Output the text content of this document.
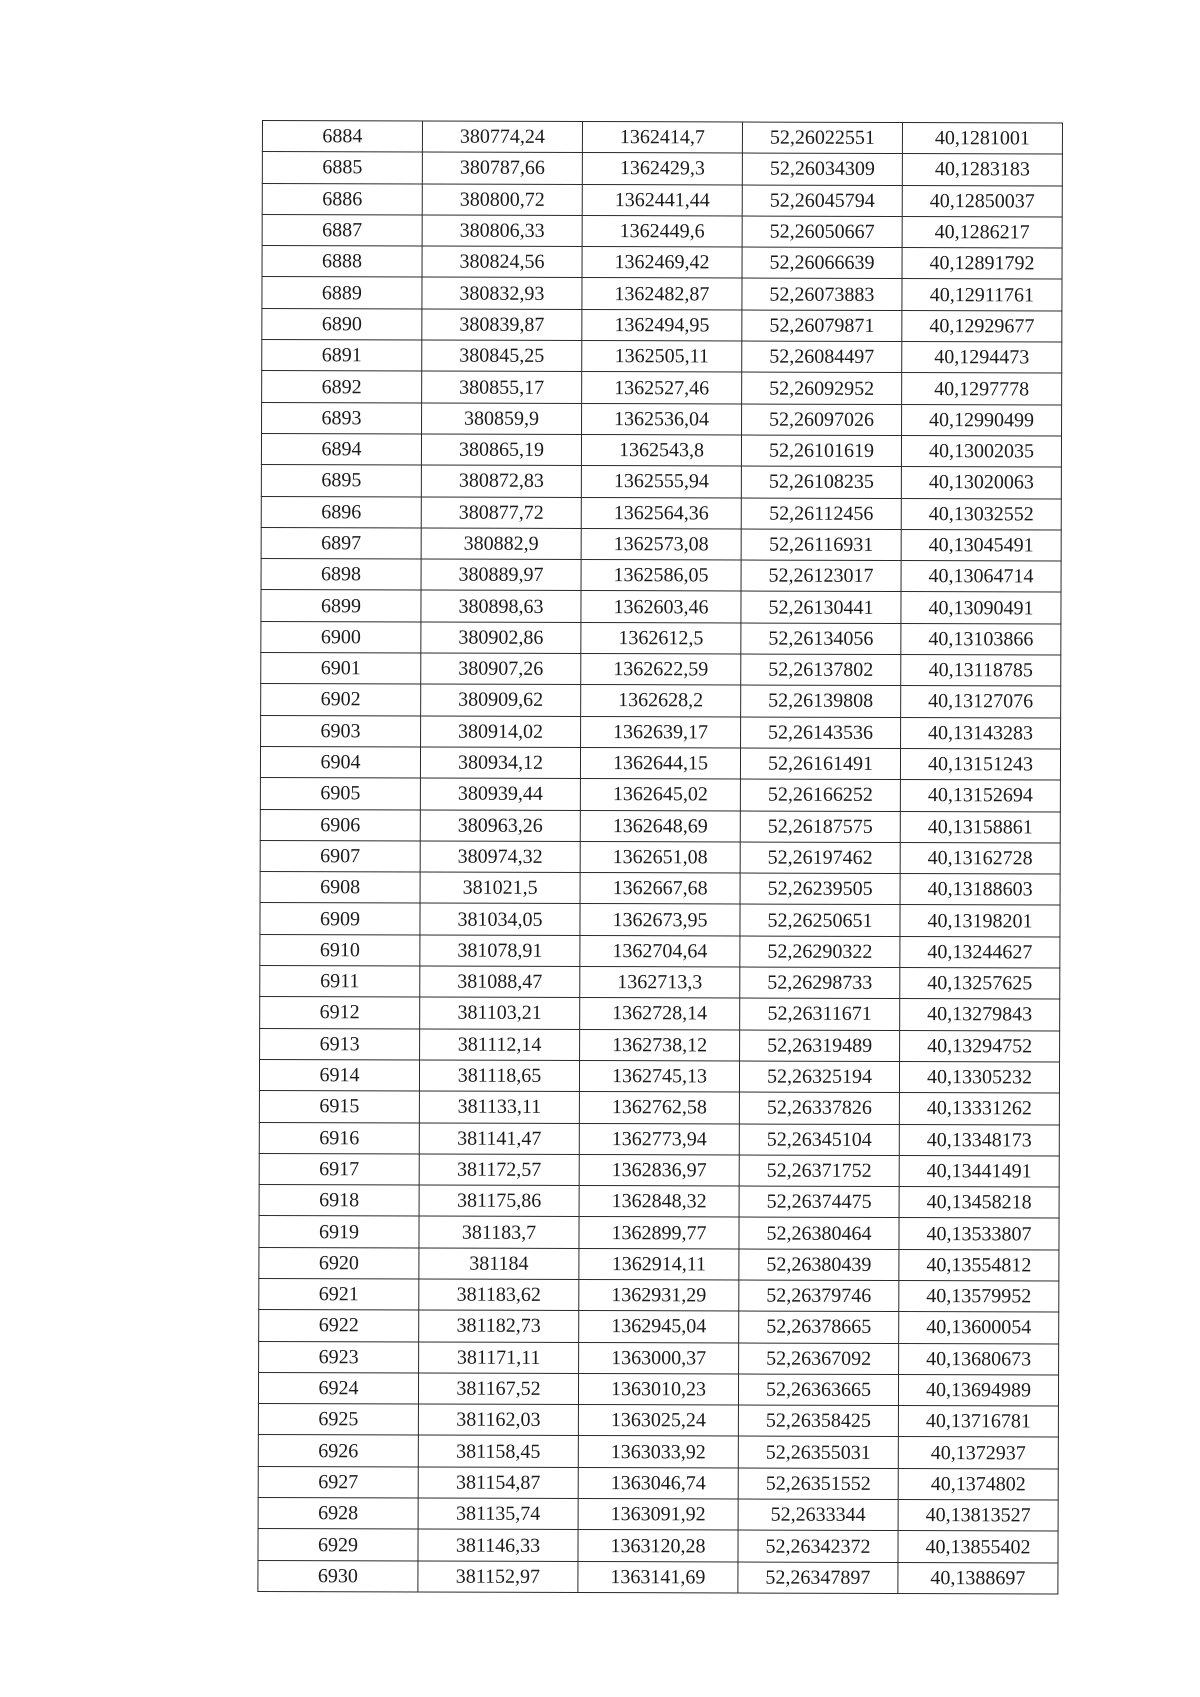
6884	380774,24	1362414,7	52,26022551	40,1281001
6885	380787,66	1362429,3	52,26034309	40,1283183
6886	380800,72	1362441,44	52,26045794	40,12850037
6887	380806,33	1362449,6	52,26050667	40,1286217
6888	380824,56	1362469,42	52,26066639	40,12891792
6889	380832,93	1362482,87	52,26073883	40,12911761
6890	380839,87	1362494,95	52,26079871	40,12929677
6891	380845,25	1362505,11	52,26084497	40,1294473
6892	380855,17	1362527,46	52,26092952	40,1297778
6893	380859,9	1362536,04	52,26097026	40,12990499
6894	380865,19	1362543,8	52,26101619	40,13002035
6895	380872,83	1362555,94	52,26108235	40,13020063
6896	380877,72	1362564,36	52,26112456	40,13032552
6897	380882,9	1362573,08	52,26116931	40,13045491
6898	380889,97	1362586,05	52,26123017	40,13064714
6899	380898,63	1362603,46	52,26130441	40,13090491
6900	380902,86	1362612,5	52,26134056	40,13103866
6901	380907,26	1362622,59	52,26137802	40,13118785
6902	380909,62	1362628,2	52,26139808	40,13127076
6903	380914,02	1362639,17	52,26143536	40,13143283
6904	380934,12	1362644,15	52,26161491	40,13151243
6905	380939,44	1362645,02	52,26166252	40,13152694
6906	380963,26	1362648,69	52,26187575	40,13158861
6907	380974,32	1362651,08	52,26197462	40,13162728
6908	381021,5	1362667,68	52,26239505	40,13188603
6909	381034,05	1362673,95	52,26250651	40,13198201
6910	381078,91	1362704,64	52,26290322	40,13244627
6911	381088,47	1362713,3	52,26298733	40,13257625
6912	381103,21	1362728,14	52,26311671	40,13279843
6913	381112,14	1362738,12	52,26319489	40,13294752
6914	381118,65	1362745,13	52,26325194	40,13305232
6915	381133,11	1362762,58	52,26337826	40,13331262
6916	381141,47	1362773,94	52,26345104	40,13348173
6917	381172,57	1362836,97	52,26371752	40,13441491
6918	381175,86	1362848,32	52,26374475	40,13458218
6919	381183,7	1362899,77	52,26380464	40,13533807
6920	381184	1362914,11	52,26380439	40,13554812
6921	381183,62	1362931,29	52,26379746	40,13579952
6922	381182,73	1362945,04	52,26378665	40,13600054
6923	381171,11	1363000,37	52,26367092	40,13680673
6924	381167,52	1363010,23	52,26363665	40,13694989
6925	381162,03	1363025,24	52,26358425	40,13716781
6926	381158,45	1363033,92	52,26355031	40,1372937
6927	381154,87	1363046,74	52,26351552	40,1374802
6928	381135,74	1363091,92	52,2633344	40,13813527
6929	381146,33	1363120,28	52,26342372	40,13855402
6930	381152,97	1363141,69	52,26347897	40,1388697
